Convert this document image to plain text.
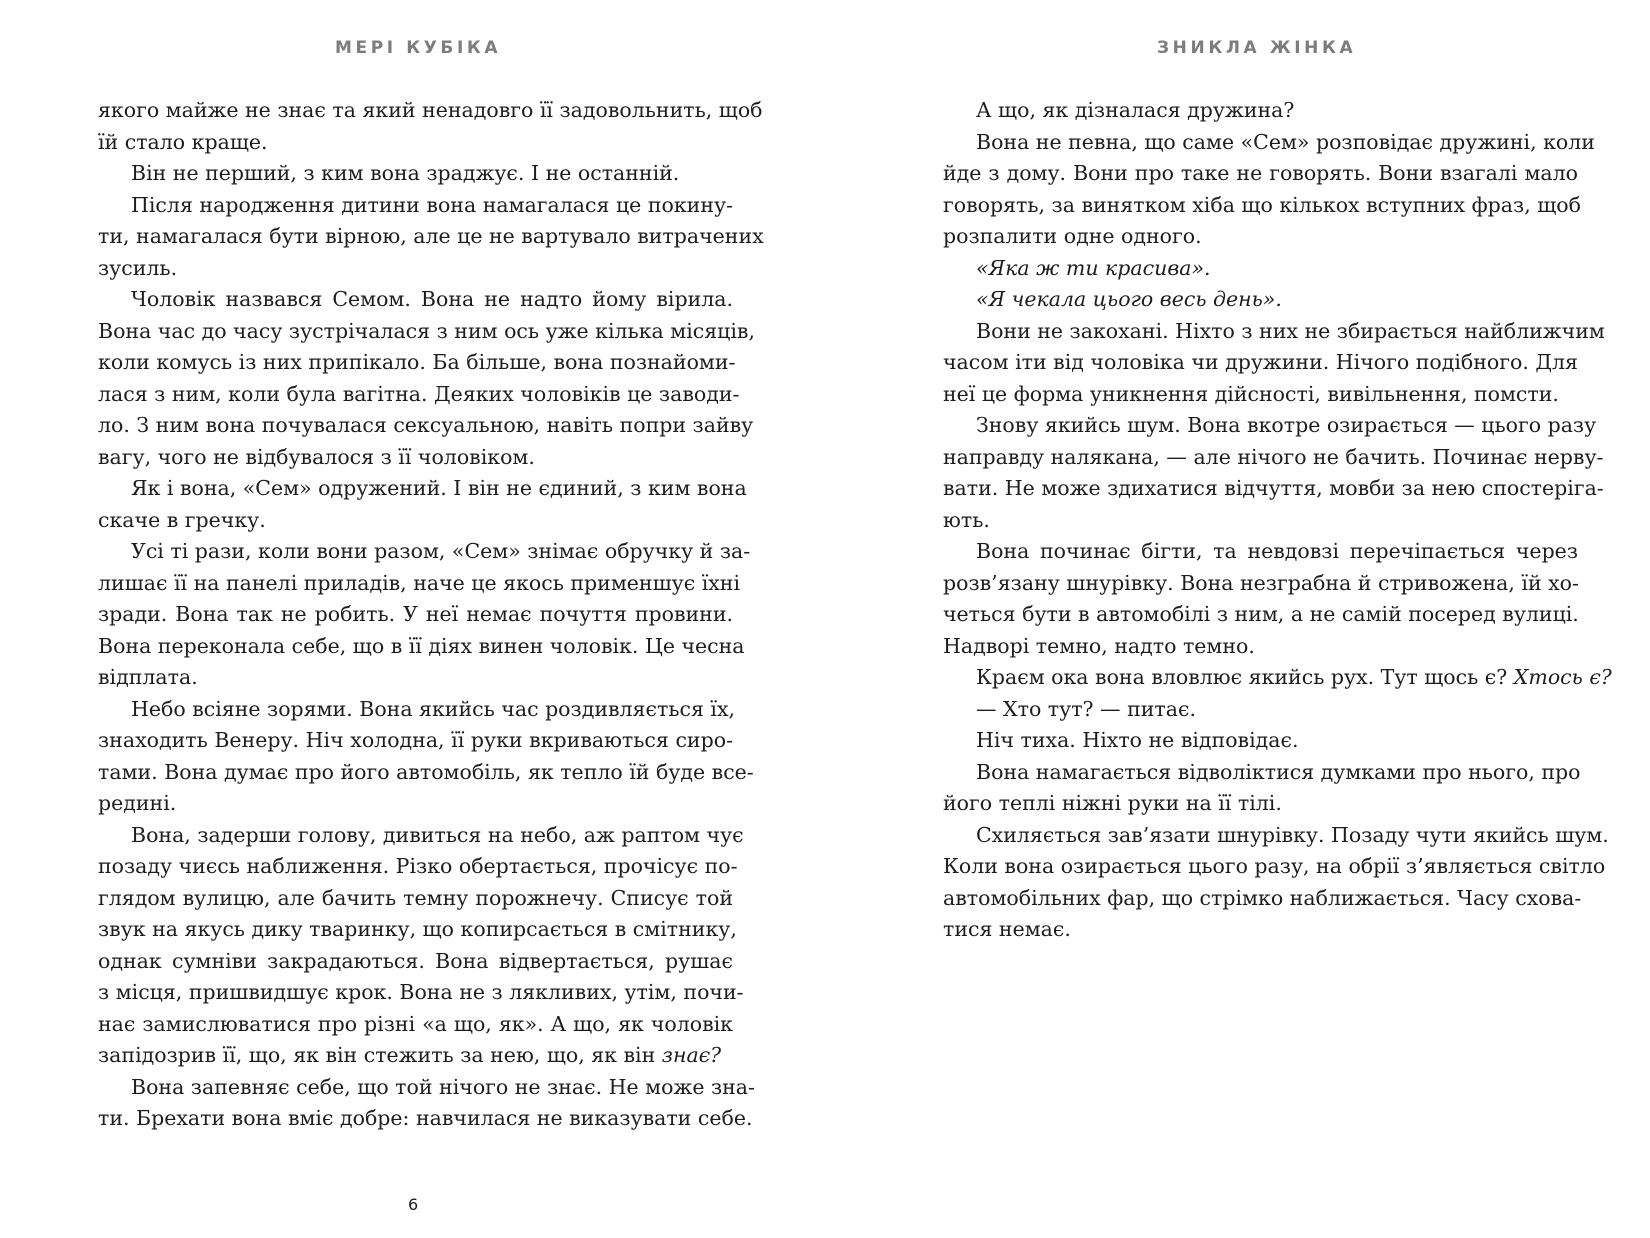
МЕРІ КУБІКА
якого майже не знає та який ненадовго її задовольнить, щоб
їй стало краще.
Він не перший, з ким вона зраджує. І не останній.
Після народження дитини вона намагалася це покину-
ти, намагалася бути вірною, але це не вартувало витрачених
зусиль.
Чоловік назвався Семом. Вона не надто йому вірила.
Вона час до часу зустрічалася з ним ось уже кілька місяців,
коли комусь із них припікало. Ба більше, вона познайоми-
лася з ним, коли була вагітна. Деяких чоловіків це заводи-
ло. З ним вона почувалася сексуальною, навіть попри зайву
вагу, чого не відбувалося з її чоловіком.
Як і вона, «Сем» одружений. І він не єдиний, з ким вона
скаче в гречку.
Усі ті рази, коли вони разом, «Сем» знімає обручку й за-
лишає її на панелі приладів, наче це якось применшує їхні
зради. Вона так не робить. У неї немає почуття провини.
Вона переконала себе, що в її діях винен чоловік. Це чесна
відплата.
Небо всіяне зорями. Вона якийсь час роздивляється їх,
знаходить Венеру. Ніч холодна, її руки вкриваються сиро-
тами. Вона думає про його автомобіль, як тепло їй буде все-
редині.
Вона, задерши голову, дивиться на небо, аж раптом чує
позаду чиєсь наближення. Різко обертається, прочісує по-
глядом вулицю, але бачить темну порожнечу. Списує той
звук на якусь дику тваринку, що копирсається в смітнику,
однак сумніви закрадаються. Вона відвертається, рушає
з місця, пришвидшує крок. Вона не з лякливих, утім, почи-
нає замислюватися про різні «а що, як». А що, як чоловік
запідозрив її, що, як він стежить за нею, що, як він знає?
Вона запевняє себе, що той нічого не знає. Не може зна-
ти. Брехати вона вміє добре: навчилася не виказувати себе.
6
ЗНИКЛА ЖІНКА
А що, як дізналася дружина?
Вона не певна, що саме «Сем» розповідає дружині, коли
йде з дому. Вони про таке не говорять. Вони взагалі мало
говорять, за винятком хіба що кількох вступних фраз, щоб
розпалити одне одного.
«Яка ж ти красива».
«Я чекала цього весь день».
Вони не закохані. Ніхто з них не збирається найближчим
часом іти від чоловіка чи дружини. Нічого подібного. Для
неї це форма уникнення дійсності, вивільнення, помсти.
Знову якийсь шум. Вона вкотре озирається — цього разу
направду налякана, — але нічого не бачить. Починає нерву-
вати. Не може здихатися відчуття, мовби за нею спостеріга-
ють.
Вона починає бігти, та невдовзі перечіпається через
розв’язану шнурівку. Вона незграбна й стривожена, їй хо-
четься бути в автомобілі з ним, а не самій посеред вулиці.
Надворі темно, надто темно.
Краєм ока вона вловлює якийсь рух. Тут щось є? Хтось є?
— Хто тут? — питає.
Ніч тиха. Ніхто не відповідає.
Вона намагається відволіктися думками про нього, про
його теплі ніжні руки на її тілі.
Схиляється зав’язати шнурівку. Позаду чути якийсь шум.
Коли вона озирається цього разу, на обрії з’являється світло
автомобільних фар, що стрімко наближається. Часу схова-
тися немає.
